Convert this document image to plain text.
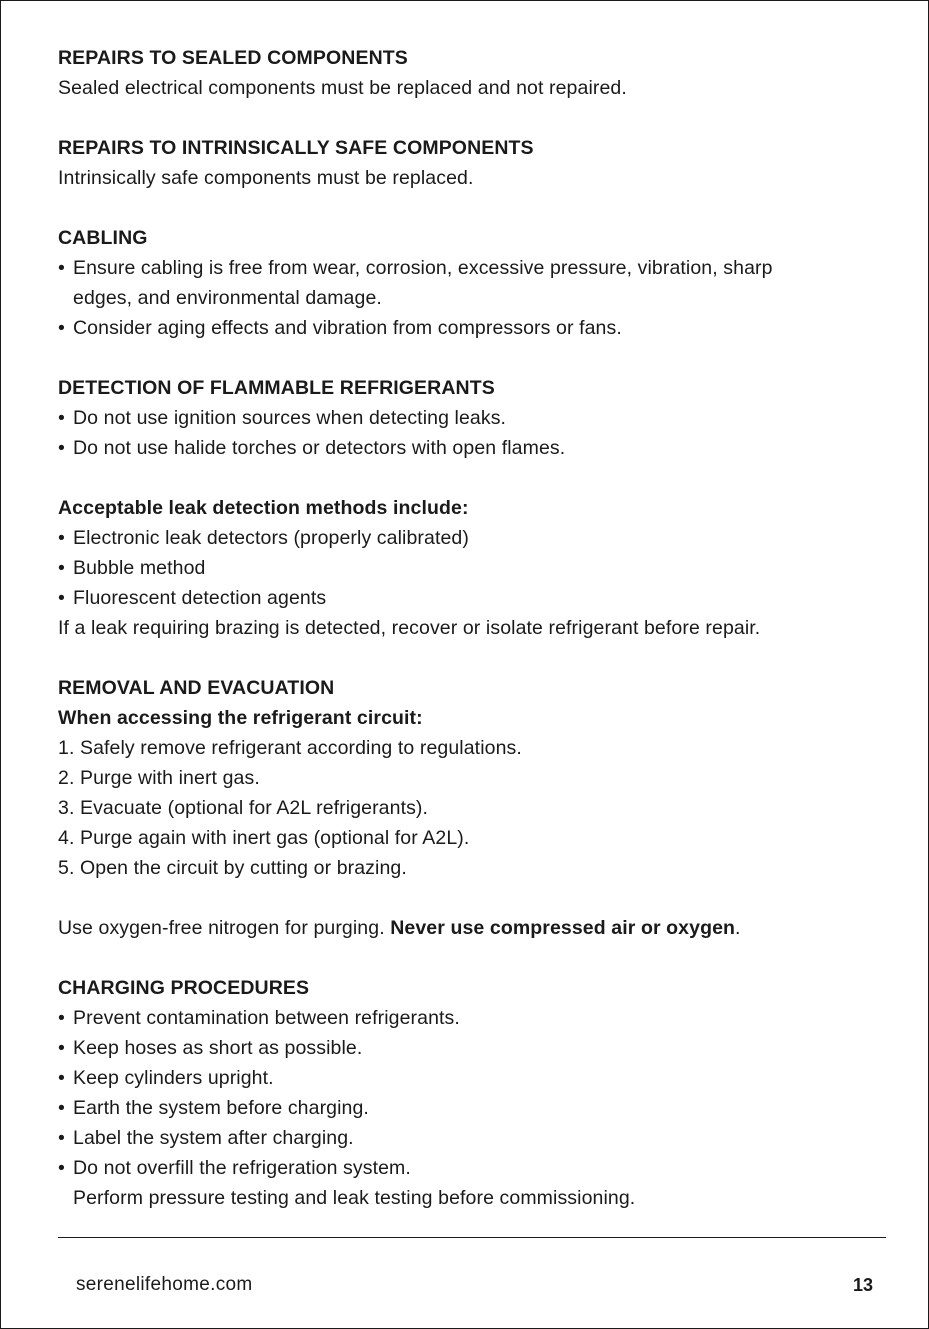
REPAIRS TO SEALED COMPONENTS
Sealed electrical components must be replaced and not repaired.
REPAIRS TO INTRINSICALLY SAFE COMPONENTS
Intrinsically safe components must be replaced.
CABLING
• Ensure cabling is free from wear, corrosion, excessive pressure, vibration, sharp
edges, and environmental damage.
• Consider aging effects and vibration from compressors or fans.
DETECTION OF FLAMMABLE REFRIGERANTS
• Do not use ignition sources when detecting leaks.
• Do not use halide torches or detectors with open flames.
Acceptable leak detection methods include:
• Electronic leak detectors (properly calibrated)
• Bubble method
• Fluorescent detection agents
If a leak requiring brazing is detected, recover or isolate refrigerant before repair.
REMOVAL AND EVACUATION
When accessing the refrigerant circuit:
1. Safely remove refrigerant according to regulations.
2. Purge with inert gas.
3. Evacuate (optional for A2L refrigerants).
4. Purge again with inert gas (optional for A2L).
5. Open the circuit by cutting or brazing.
Use oxygen-free nitrogen for purging. Never use compressed air or oxygen.
CHARGING PROCEDURES
• Prevent contamination between refrigerants.
• Keep hoses as short as possible.
• Keep cylinders upright.
• Earth the system before charging.
• Label the system after charging.
• Do not overfill the refrigeration system.
Perform pressure testing and leak testing before commissioning.
serenelifehome.com	13
